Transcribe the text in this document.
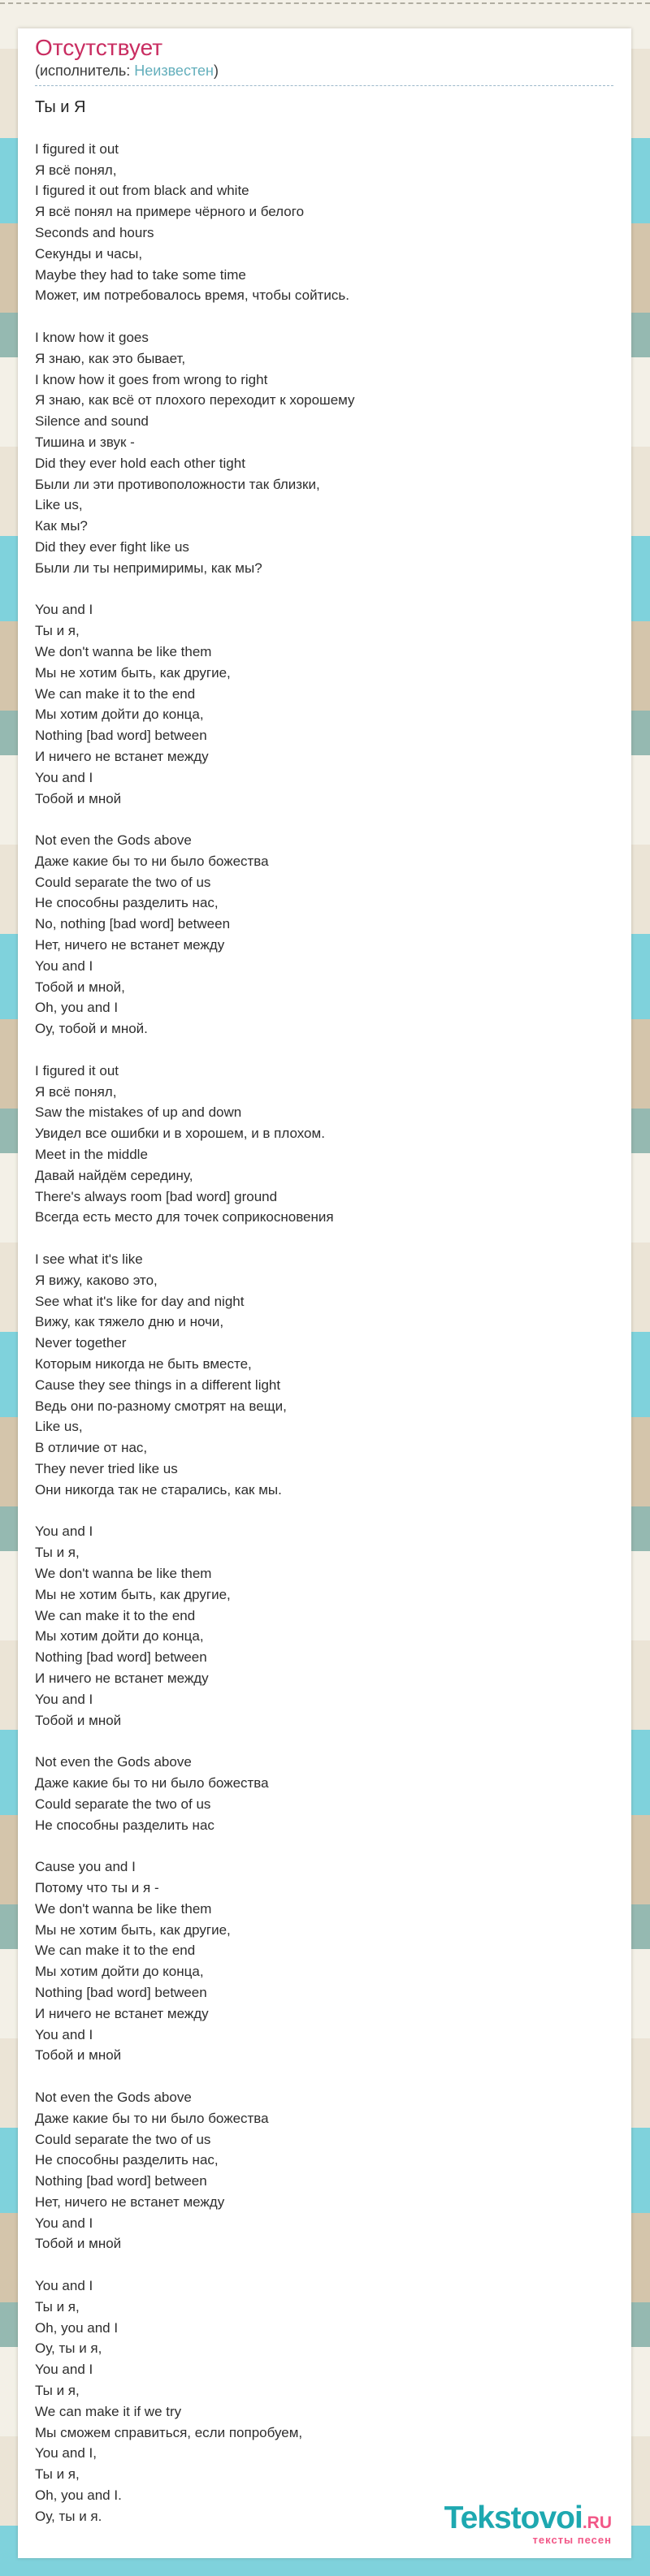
Отсутствует
(исполнитель: Неизвестен)
Ты и Я
I figured it out
Я всё понял,
I figured it out from black and white
Я всё понял на примере чёрного и белого
Seconds and hours
Секунды и часы,
Maybe they had to take some time
Может, им потребовалось время, чтобы сойтись.

I know how it goes
Я знаю, как это бывает,
I know how it goes from wrong to right
Я знаю, как всё от плохого переходит к хорошему
Silence and sound
Тишина и звук -
Did they ever hold each other tight
Были ли эти противоположности так близки,
Like us,
Как мы?
Did they ever fight like us
Были ли ты непримиримы, как мы?

You and I
Ты и я,
We don't wanna be like them
Мы не хотим быть, как другие,
We can make it to the end
Мы хотим дойти до конца,
Nothing [bad word] between
И ничего не встанет между
You and I
Тобой и мной

Not even the Gods above
Даже какие бы то ни было божества
Could separate the two of us
Не способны разделить нас,
No, nothing [bad word] between
Нет, ничего не встанет между
You and I
Тобой и мной,
Oh, you and I
Оу, тобой и мной.

I figured it out
Я всё понял,
Saw the mistakes of up and down
Увидел все ошибки и в хорошем, и в плохом.
Meet in the middle
Давай найдём середину,
There's always room [bad word] ground
Всегда есть место для точек соприкосновения

I see what it's like
Я вижу, каково это,
See what it's like for day and night
Вижу, как тяжело дню и ночи,
Never together
Которым никогда не быть вместе,
Cause they see things in a different light
Ведь они по-разному смотрят на вещи,
Like us,
В отличие от нас,
They never tried like us
Они никогда так не старались, как мы.

You and I
Ты и я,
We don't wanna be like them
Мы не хотим быть, как другие,
We can make it to the end
Мы хотим дойти до конца,
Nothing [bad word] between
И ничего не встанет между
You and I
Тобой и мной

Not even the Gods above
Даже какие бы то ни было божества
Could separate the two of us
Не способны разделить нас

Cause you and I
Потому что ты и я -
We don't wanna be like them
Мы не хотим быть, как другие,
We can make it to the end
Мы хотим дойти до конца,
Nothing [bad word] between
И ничего не встанет между
You and I
Тобой и мной

Not even the Gods above
Даже какие бы то ни было божества
Could separate the two of us
Не способны разделить нас,
Nothing [bad word] between
Нет, ничего не встанет между
You and I
Тобой и мной

You and I
Ты и я,
Oh, you and I
Оу, ты и я,
You and I
Ты и я,
We can make it if we try
Мы сможем справиться, если попробуем,
You and I,
Ты и я,
Oh, you and I.
Оу, ты и я.	Tekstovoi.RU
тексты песен
